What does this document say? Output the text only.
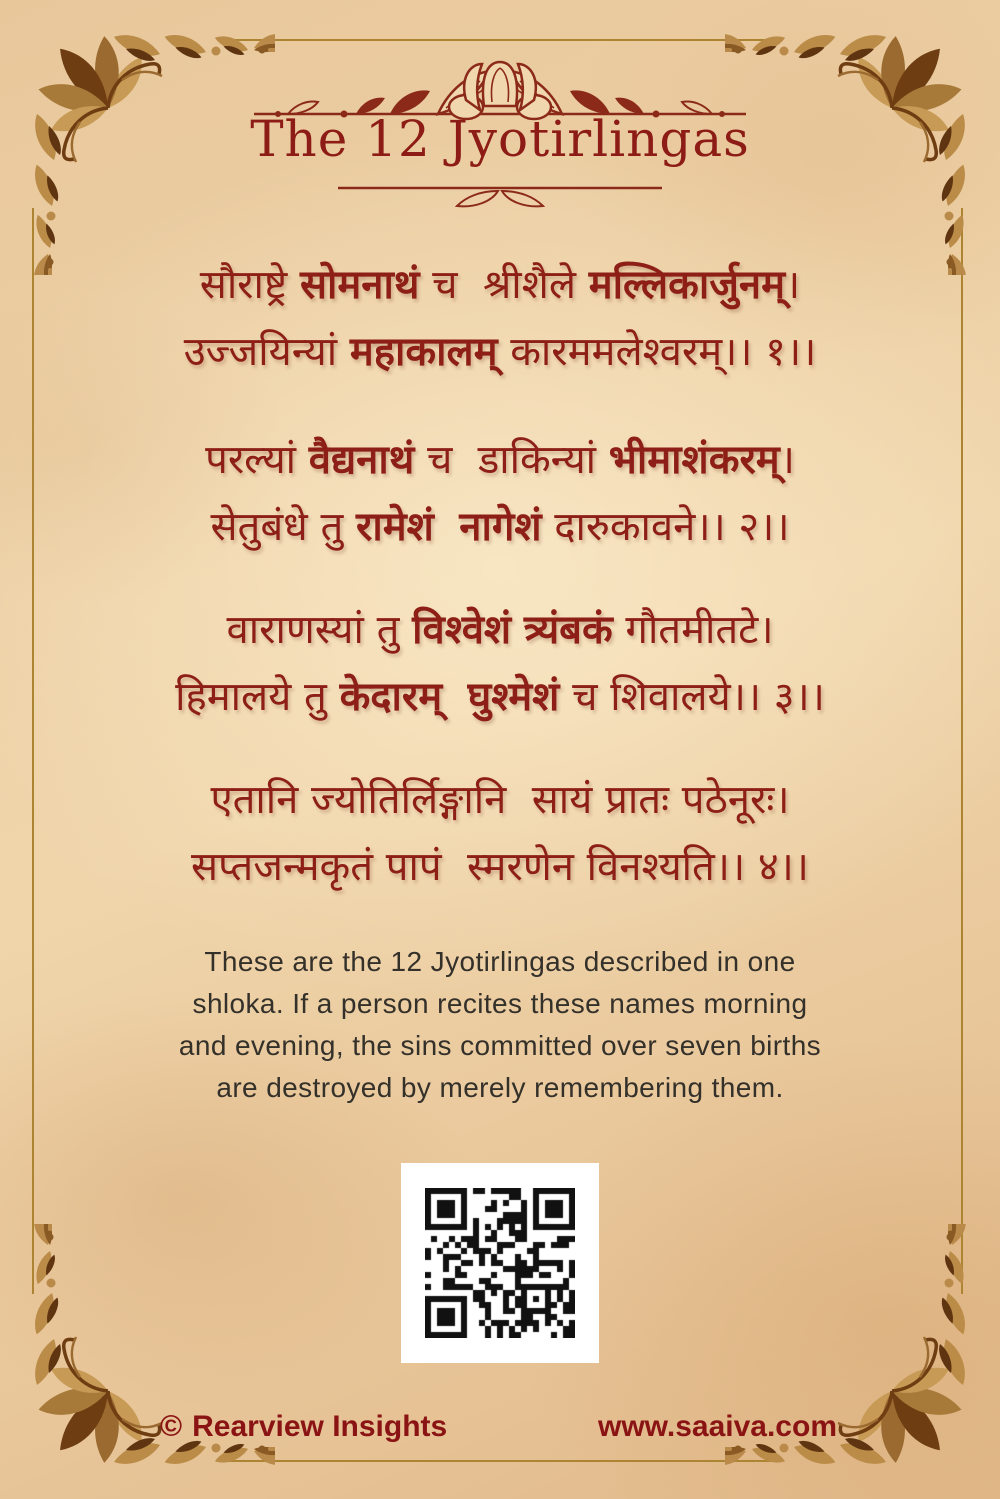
The 12 Jyotirlingas
सौराष्ट्रे सोमनाथं च  श्रीशैले मल्लिकार्जुनम्।
उज्जयिन्यां महाकालम् कारममलेश्वरम्।। १।।
परल्यां वैद्यनाथं च  डाकिन्यां भीमाशंकरम्।
सेतुबंधे तु रामेशं नागेशं दारुकावने।। २।।
वाराणस्यां तु विश्वेशं त्र्यंबकं गौतमीतटे।
हिमालये तु केदारम् घुश्मेशं च शिवालये।। ३।।
एतानि ज्योतिर्लिङ्गानि  सायं प्रातः पठेनूरः।
सप्तजन्मकृतं पापं  स्मरणेन विनश्यति।। ४।।
These are the 12 Jyotirlingas described in one
shloka. If a person recites these names morning
and evening, the sins committed over seven births
are destroyed by merely remembering them.
© Rearview Insights	www.saaiva.com
